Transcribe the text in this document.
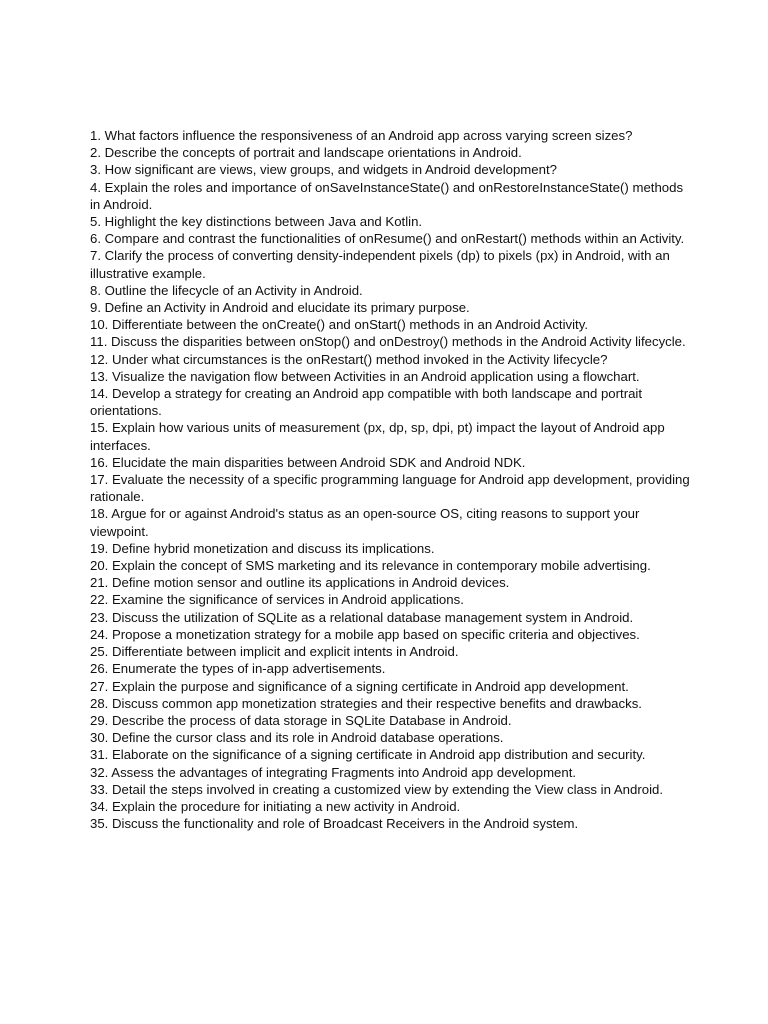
1. What factors influence the responsiveness of an Android app across varying screen sizes?
2. Describe the concepts of portrait and landscape orientations in Android.
3. How significant are views, view groups, and widgets in Android development?
4. Explain the roles and importance of onSaveInstanceState() and onRestoreInstanceState() methods in Android.
5. Highlight the key distinctions between Java and Kotlin.
6. Compare and contrast the functionalities of onResume() and onRestart() methods within an Activity.
7. Clarify the process of converting density-independent pixels (dp) to pixels (px) in Android, with an illustrative example.
8. Outline the lifecycle of an Activity in Android.
9. Define an Activity in Android and elucidate its primary purpose.
10. Differentiate between the onCreate() and onStart() methods in an Android Activity.
11. Discuss the disparities between onStop() and onDestroy() methods in the Android Activity lifecycle.
12. Under what circumstances is the onRestart() method invoked in the Activity lifecycle?
13. Visualize the navigation flow between Activities in an Android application using a flowchart.
14. Develop a strategy for creating an Android app compatible with both landscape and portrait orientations.
15. Explain how various units of measurement (px, dp, sp, dpi, pt) impact the layout of Android app interfaces.
16. Elucidate the main disparities between Android SDK and Android NDK.
17. Evaluate the necessity of a specific programming language for Android app development, providing rationale.
18. Argue for or against Android's status as an open-source OS, citing reasons to support your viewpoint.
19. Define hybrid monetization and discuss its implications.
20. Explain the concept of SMS marketing and its relevance in contemporary mobile advertising.
21. Define motion sensor and outline its applications in Android devices.
22. Examine the significance of services in Android applications.
23. Discuss the utilization of SQLite as a relational database management system in Android.
24. Propose a monetization strategy for a mobile app based on specific criteria and objectives.
25. Differentiate between implicit and explicit intents in Android.
26. Enumerate the types of in-app advertisements.
27. Explain the purpose and significance of a signing certificate in Android app development.
28. Discuss common app monetization strategies and their respective benefits and drawbacks.
29. Describe the process of data storage in SQLite Database in Android.
30. Define the cursor class and its role in Android database operations.
31. Elaborate on the significance of a signing certificate in Android app distribution and security.
32. Assess the advantages of integrating Fragments into Android app development.
33. Detail the steps involved in creating a customized view by extending the View class in Android.
34. Explain the procedure for initiating a new activity in Android.
35. Discuss the functionality and role of Broadcast Receivers in the Android system.
